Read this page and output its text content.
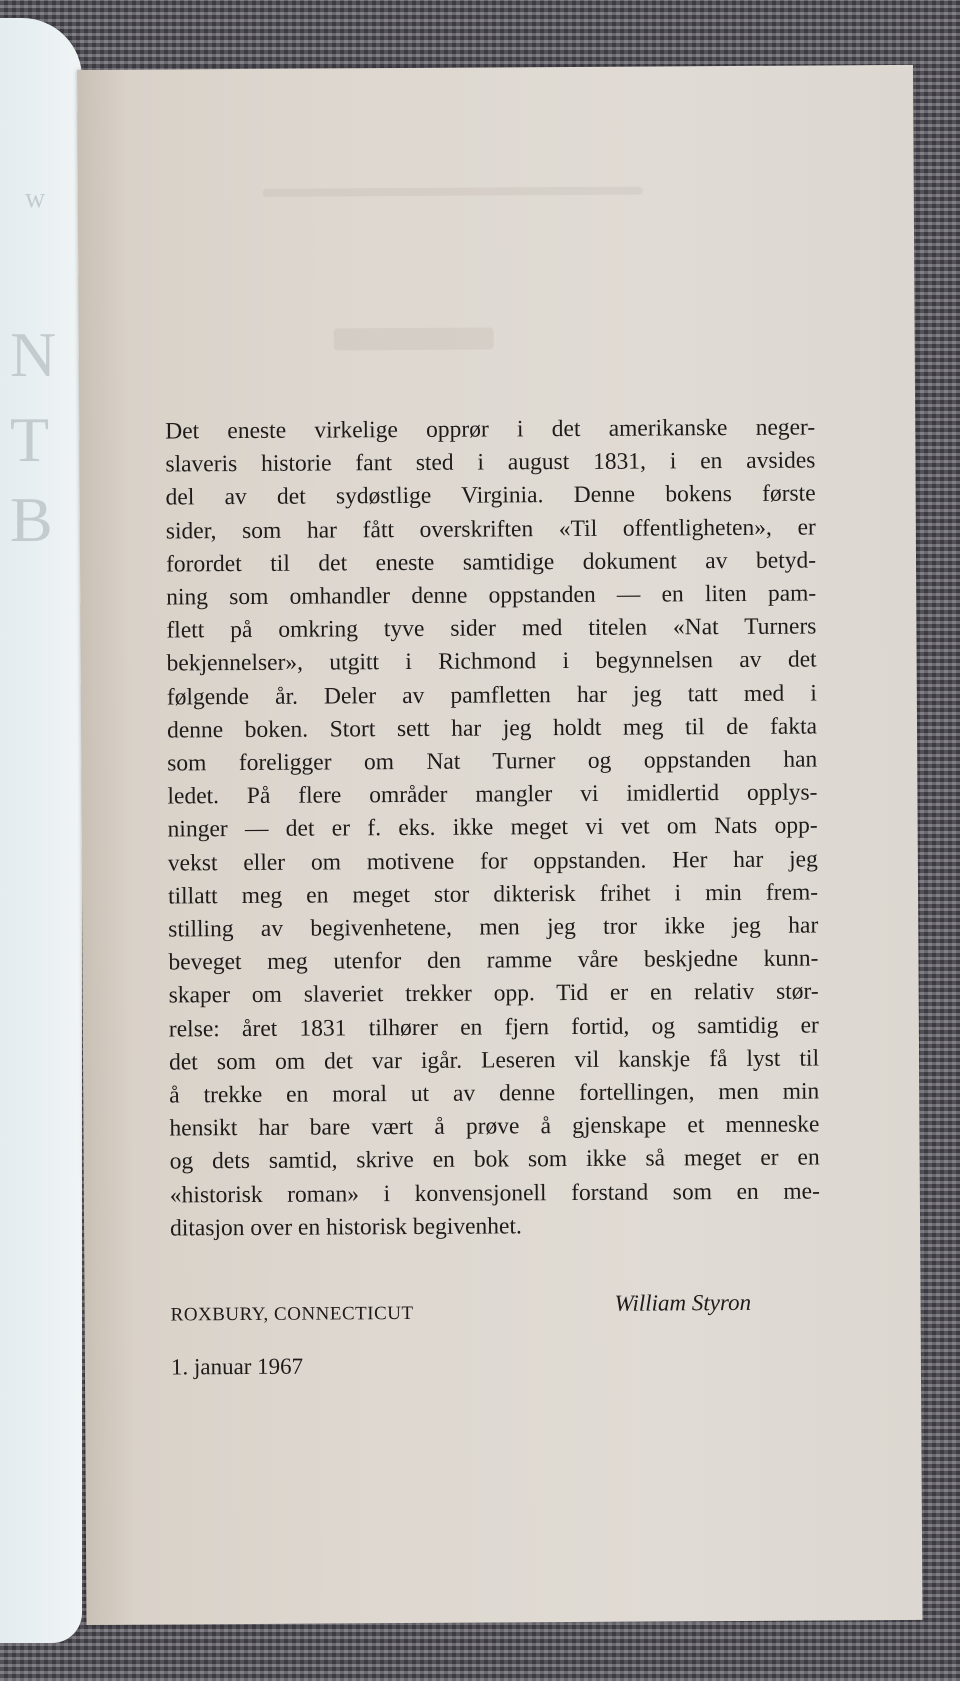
w
N
T
B

Det eneste virkelige opprør i det amerikanske neger-
slaveris historie fant sted i august 1831, i en avsides
del av det sydøstlige Virginia. Denne bokens første
sider, som har fått overskriften «Til offentligheten», er
forordet til det eneste samtidige dokument av betyd-
ning som omhandler denne oppstanden — en liten pam-
flett på omkring tyve sider med titelen «Nat Turners
bekjennelser», utgitt i Richmond i begynnelsen av det
følgende år. Deler av pamfletten har jeg tatt med i
denne boken. Stort sett har jeg holdt meg til de fakta
som foreligger om Nat Turner og oppstanden han
ledet. På flere områder mangler vi imidlertid opplys-
ninger — det er f. eks. ikke meget vi vet om Nats opp-
vekst eller om motivene for oppstanden. Her har jeg
tillatt meg en meget stor dikterisk frihet i min frem-
stilling av begivenhetene, men jeg tror ikke jeg har
beveget meg utenfor den ramme våre beskjedne kunn-
skaper om slaveriet trekker opp. Tid er en relativ stør-
relse: året 1831 tilhører en fjern fortid, og samtidig er
det som om det var igår. Leseren vil kanskje få lyst til
å trekke en moral ut av denne fortellingen, men min
hensikt har bare vært å prøve å gjenskape et menneske
og dets samtid, skrive en bok som ikke så meget er en
«historisk roman» i konvensjonell forstand som en me-
ditasjon over en historisk begivenhet.

ROXBURY, CONNECTICUT	William Styron
1. januar 1967
